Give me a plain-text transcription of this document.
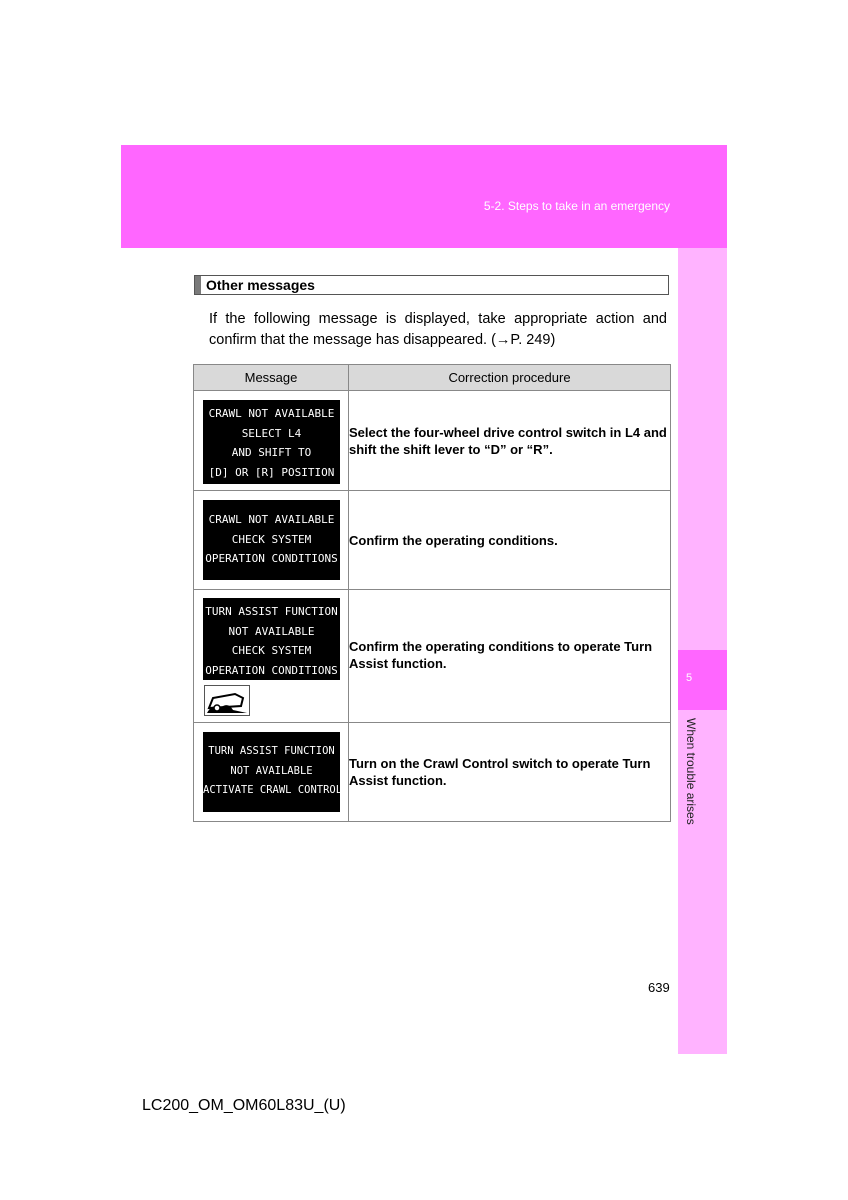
5-2. Steps to take in an emergency
5
When trouble arises
Other messages

If the following message is displayed, take appropriate action and confirm that the message has disappeared. (→P. 249)

Message	Correction procedure

CRAWL NOT AVAILABLE
SELECT L4
AND SHIFT TO
[D] OR [R] POSITION	Select the four-wheel drive control switch in L4 and shift the shift lever to “D” or “R”.

CRAWL NOT AVAILABLE
CHECK SYSTEM
OPERATION CONDITIONS	Confirm the operating conditions.

TURN ASSIST FUNCTION
NOT AVAILABLE
CHECK SYSTEM
OPERATION CONDITIONS	Confirm the operating conditions to operate Turn Assist function.

TURN ASSIST FUNCTION
NOT AVAILABLE
ACTIVATE CRAWL CONTROL	Turn on the Crawl Control switch to operate Turn Assist function.
639
LC200_OM_OM60L83U_(U)
